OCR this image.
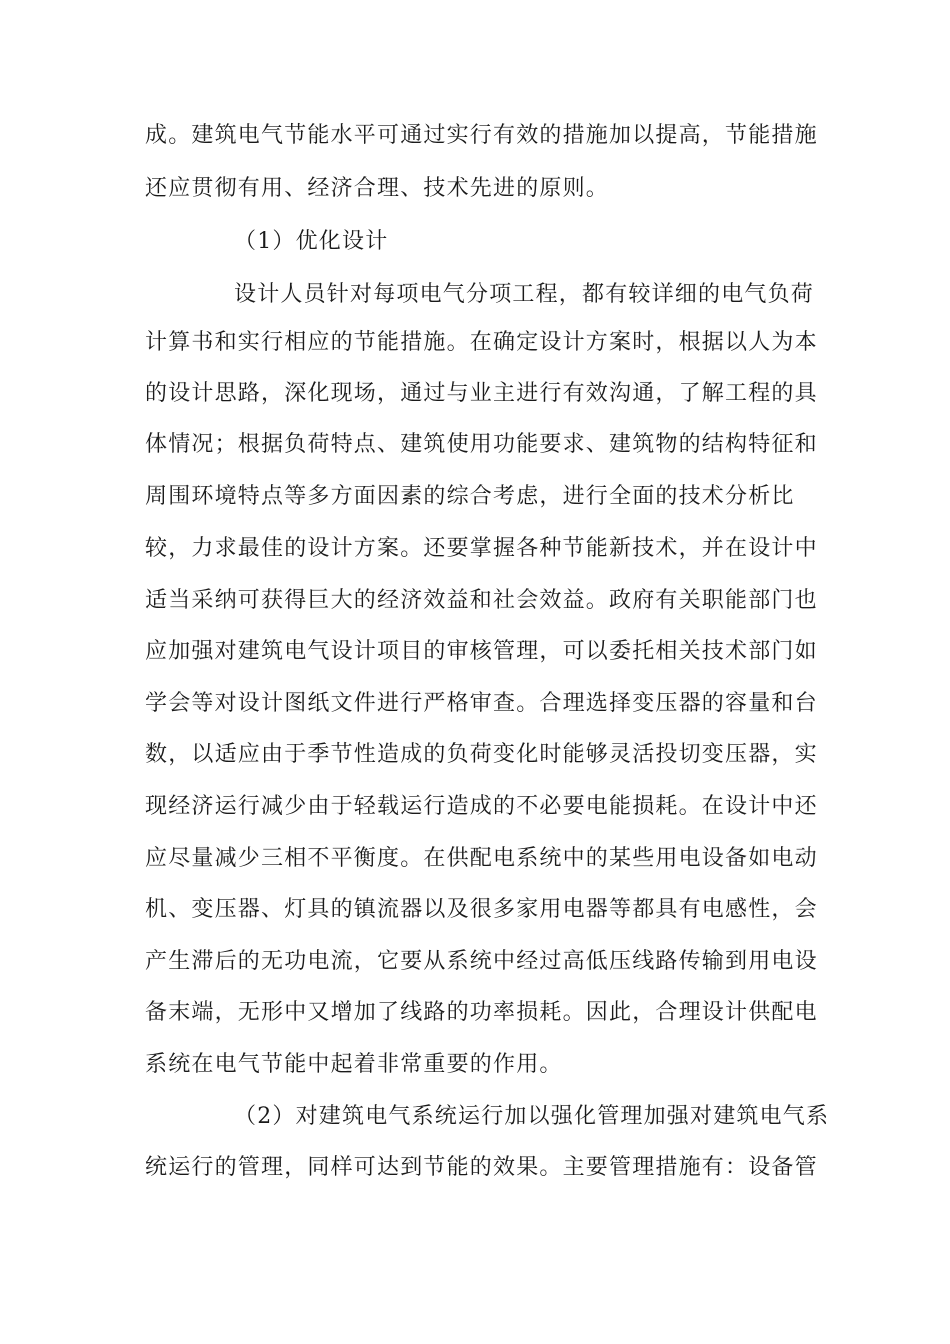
成。建筑电气节能水平可通过实行有效的措施加以提高，节能措施
还应贯彻有用、经济合理、技术先进的原则。
（1）优化设计
设计人员针对每项电气分项工程，都有较详细的电气负荷
计算书和实行相应的节能措施。在确定设计方案时，根据以人为本
的设计思路，深化现场，通过与业主进行有效沟通，了解工程的具
体情况；根据负荷特点、建筑使用功能要求、建筑物的结构特征和
周围环境特点等多方面因素的综合考虑，进行全面的技术分析比
较，力求最佳的设计方案。还要掌握各种节能新技术，并在设计中
适当采纳可获得巨大的经济效益和社会效益。政府有关职能部门也
应加强对建筑电气设计项目的审核管理，可以委托相关技术部门如
学会等对设计图纸文件进行严格审查。合理选择变压器的容量和台
数，以适应由于季节性造成的负荷变化时能够灵活投切变压器，实
现经济运行减少由于轻载运行造成的不必要电能损耗。在设计中还
应尽量减少三相不平衡度。在供配电系统中的某些用电设备如电动
机、变压器、灯具的镇流器以及很多家用电器等都具有电感性，会
产生滞后的无功电流，它要从系统中经过高低压线路传输到用电设
备末端，无形中又增加了线路的功率损耗。因此，合理设计供配电
系统在电气节能中起着非常重要的作用。
（2）对建筑电气系统运行加以强化管理加强对建筑电气系
统运行的管理，同样可达到节能的效果。主要管理措施有：设备管
